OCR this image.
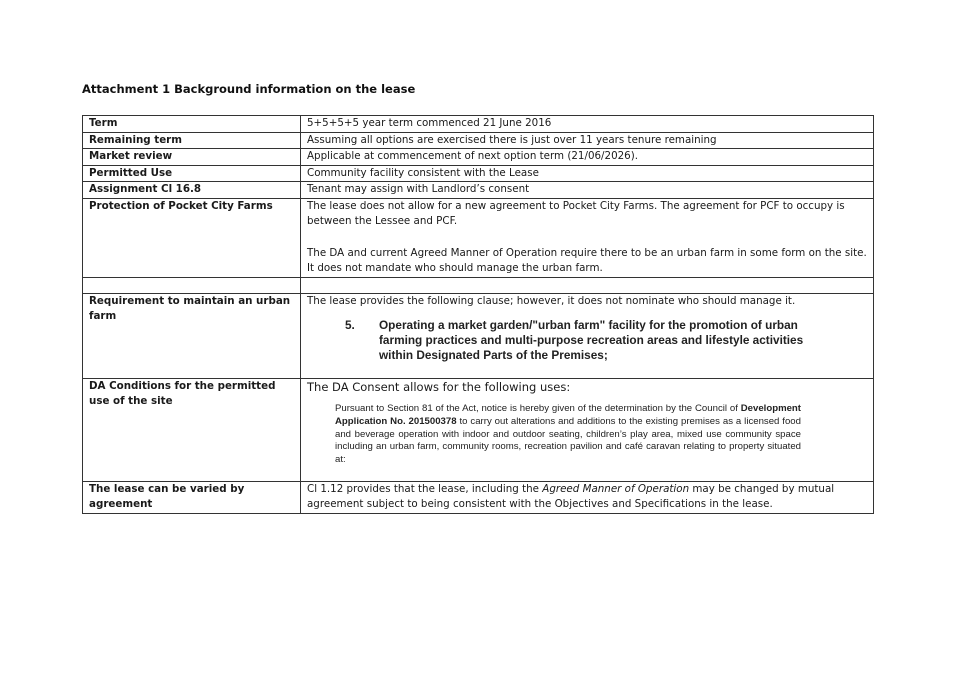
Attachment 1 Background information on the lease
Term	5+5+5+5 year term commenced 21 June 2016
Remaining term	Assuming all options are exercised there is just over 11 years tenure remaining
Market review	Applicable at commencement of next option term (21/06/2026).
Permitted Use	Community facility consistent with the Lease
Assignment Cl 16.8	Tenant may assign with Landlord’s consent
Protection of Pocket City Farms	The lease does not allow for a new agreement to Pocket City Farms. The agreement for PCF to occupy is between the Lessee and PCF.
The DA and current Agreed Manner of Operation require there to be an urban farm in some form on the site. It does not mandate who should manage the urban farm.

Requirement to maintain an urban farm	The lease provides the following clause; however, it does not nominate who should manage it.
5. Operating a market garden/"urban farm" facility for the promotion of urban farming practices and multi-purpose recreation areas and lifestyle activities within Designated Parts of the Premises;

DA Conditions for the permitted use of the site	The DA Consent allows for the following uses:
Pursuant to Section 81 of the Act, notice is hereby given of the determination by the Council of Development Application No. 201500378 to carry out alterations and additions to the existing premises as a licensed food and beverage operation with indoor and outdoor seating, children’s play area, mixed use community space including an urban farm, community rooms, recreation pavilion and café caravan relating to property situated at:

The lease can be varied by agreement	Cl 1.12 provides that the lease, including the Agreed Manner of Operation may be changed by mutual agreement subject to being consistent with the Objectives and Specifications in the lease.
